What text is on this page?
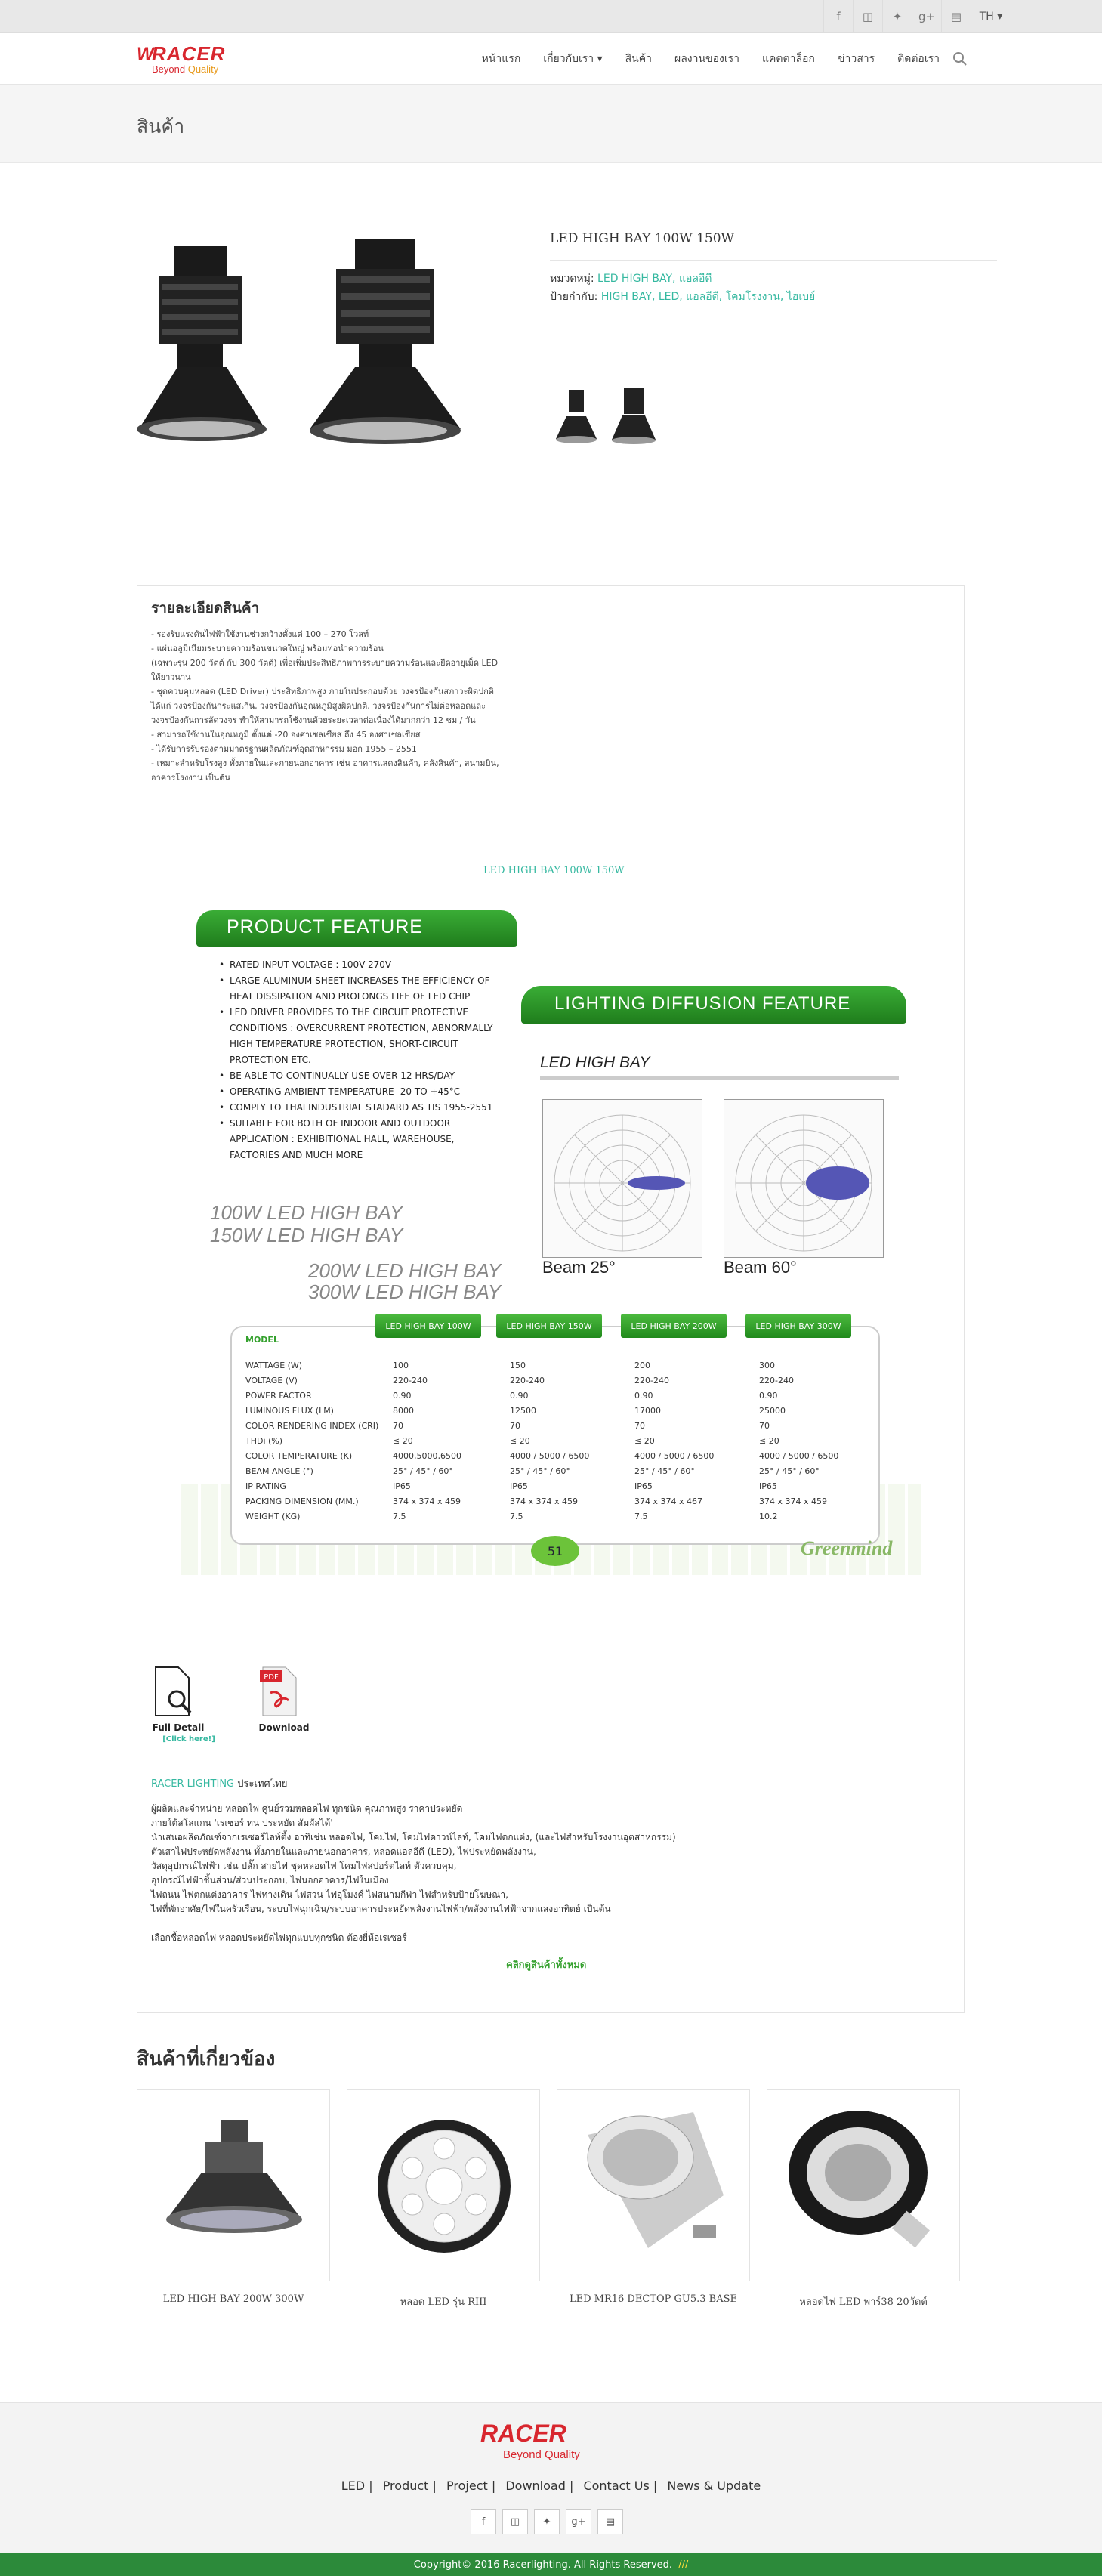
f	◫	✦	g+	▤	TH ▾
W
RACER
Beyond Quality
หน้าแรก เกี่ยวกับเรา ▾ สินค้า ผลงานของเรา แคตตาล็อก ข่าวสาร ติดต่อเรา
สินค้า
LED HIGH BAY 100W 150W
หมวดหมู่: LED HIGH BAY, แอลอีดี
ป้ายกำกับ: HIGH BAY, LED, แอลอีดี, โคมโรงงาน, ไฮเบย์
รายละเอียดสินค้า
- รองรับแรงดันไฟฟ้าใช้งานช่วงกว้างตั้งแต่ 100 – 270 โวลท์
- แผ่นอลูมิเนียมระบายความร้อนขนาดใหญ่ พร้อมท่อนำความร้อน
(เฉพาะรุ่น 200 วัตต์ กับ 300 วัตต์) เพื่อเพิ่มประสิทธิภาพการระบายความร้อนและยืดอายุเม็ด LED
ให้ยาวนาน
- ชุดควบคุมหลอด (LED Driver) ประสิทธิภาพสูง ภายในประกอบด้วย วงจรป้องกันสภาวะผิดปกติ
ได้แก่ วงจรป้องกันกระแสเกิน, วงจรป้องกันอุณหภูมิสูงผิดปกติ, วงจรป้องกันการไม่ต่อหลอดและ
วงจรป้องกันการลัดวงจร ทำให้สามารถใช้งานด้วยระยะเวลาต่อเนื่องได้มากกว่า 12 ชม / วัน
- สามารถใช้งานในอุณหภูมิ ตั้งแต่ -20 องศาเซลเซียส ถึง 45 องศาเซลเซียส
- ได้รับการรับรองตามมาตรฐานผลิตภัณฑ์อุตสาหกรรม มอก 1955 – 2551
- เหมาะสำหรับโรงสูง ทั้งภายในและภายนอกอาคาร เช่น อาคารแสดงสินค้า, คลังสินค้า, สนามบิน,
อาคารโรงงาน เป็นต้น
LED HIGH BAY 100W 150W
PRODUCT FEATURE
• RATED INPUT VOLTAGE : 100V-270V
• LARGE ALUMINUM SHEET INCREASES THE EFFICIENCY OF HEAT DISSIPATION AND PROLONGS LIFE OF LED CHIP
• LED DRIVER PROVIDES TO THE CIRCUIT PROTECTIVE CONDITIONS : OVERCURRENT PROTECTION, ABNORMALLY HIGH TEMPERATURE PROTECTION, SHORT-CIRCUIT PROTECTION ETC.
• BE ABLE TO CONTINUALLY USE OVER 12 HRS/DAY
• OPERATING AMBIENT TEMPERATURE -20 TO +45°C
• COMPLY TO THAI INDUSTRIAL STADARD AS TIS 1955-2551
• SUITABLE FOR BOTH OF INDOOR AND OUTDOOR APPLICATION : EXHIBITIONAL HALL, WAREHOUSE, FACTORIES AND MUCH MORE
LIGHTING DIFFUSION FEATURE
LED HIGH BAY
Beam 25°	Beam 60°
100W LED HIGH BAY
150W LED HIGH BAY
200W LED HIGH BAY
300W LED HIGH BAY
LED HIGH BAY 100W	LED HIGH BAY 150W	LED HIGH BAY 200W	LED HIGH BAY 300W
MODEL
WATTAGE (W)	100	150	200	300
VOLTAGE (V)	220-240	220-240	220-240	220-240
POWER FACTOR	0.90	0.90	0.90	0.90
LUMINOUS FLUX (LM)	8000	12500	17000	25000
COLOR RENDERING INDEX (CRI) 70	70	70	70
THDi (%)	≤ 20	≤ 20	≤ 20	≤ 20
COLOR TEMPERATURE (K)	4000,5000,6500	4000 / 5000 / 6500	4000 / 5000 / 6500	4000 / 5000 / 6500
BEAM ANGLE (°)	25° / 45° / 60°	25° / 45° / 60°	25° / 45° / 60°	25° / 45° / 60°
IP RATING	IP65	IP65	IP65	IP65
PACKING DIMENSION (MM.)	374 x 374 x 459	374 x 374 x 459	374 x 374 x 467	374 x 374 x 459
WEIGHT (KG)	7.5	7.5	7.5	10.2
51	Greenmind
Full Detail
[Click here!]
PDF
Download
RACER LIGHTING ประเทศไทย
ผู้ผลิตและจำหน่าย หลอดไฟ ศูนย์รวมหลอดไฟ ทุกชนิด คุณภาพสูง ราคาประหยัด
ภายใต้สโลแกน 'เรเซอร์ ทน ประหยัด สัมผัสได้'
นำเสนอผลิตภัณฑ์จากเรเซอร์ไลท์ติ้ง อาทิเช่น หลอดไฟ, โคมไฟ, โคมไฟดาวน์ไลท์, โคมไฟตกแต่ง, (และไฟสำหรับโรงงานอุตสาหกรรม)
ตัวเสาไฟประหยัดพลังงาน ทั้งภายในและภายนอกอาคาร, หลอดแอลอีดี (LED), ไฟประหยัดพลังงาน,
วัสดุอุปกรณ์ไฟฟ้า เช่น ปลั๊ก สายไฟ ชุดหลอดไฟ โคมไฟสปอร์ตไลท์ ตัวควบคุม,
อุปกรณ์ไฟฟ้าชิ้นส่วน/ส่วนประกอบ, ไฟนอกอาคาร/ไฟในเมือง
ไฟถนน ไฟตกแต่งอาคาร ไฟทางเดิน ไฟสวน ไฟอุโมงค์ ไฟสนามกีฬา ไฟสำหรับป้ายโฆษณา,
ไฟที่พักอาศัย/ไฟในครัวเรือน, ระบบไฟฉุกเฉิน/ระบบอาคารประหยัดพลังงานไฟฟ้า/พลังงานไฟฟ้าจากแสงอาทิตย์ เป็นต้น
เลือกซื้อหลอดไฟ หลอดประหยัดไฟทุกแบบทุกชนิด ต้องยี่ห้อเรเซอร์
คลิกดูสินค้าทั้งหมด
สินค้าที่เกี่ยวข้อง
LED HIGH BAY 200W 300W	หลอด LED รุ่น RIII	LED MR16 DECTOP GU5.3 BASE	หลอดไฟ LED พาร์38 20วัตต์
RACER
Beyond Quality
LED | Product | Project | Download | Contact Us | News & Update
f	◫	✦	g+	▤
Copyright© 2016 Racerlighting. All Rights Reserved. ///
